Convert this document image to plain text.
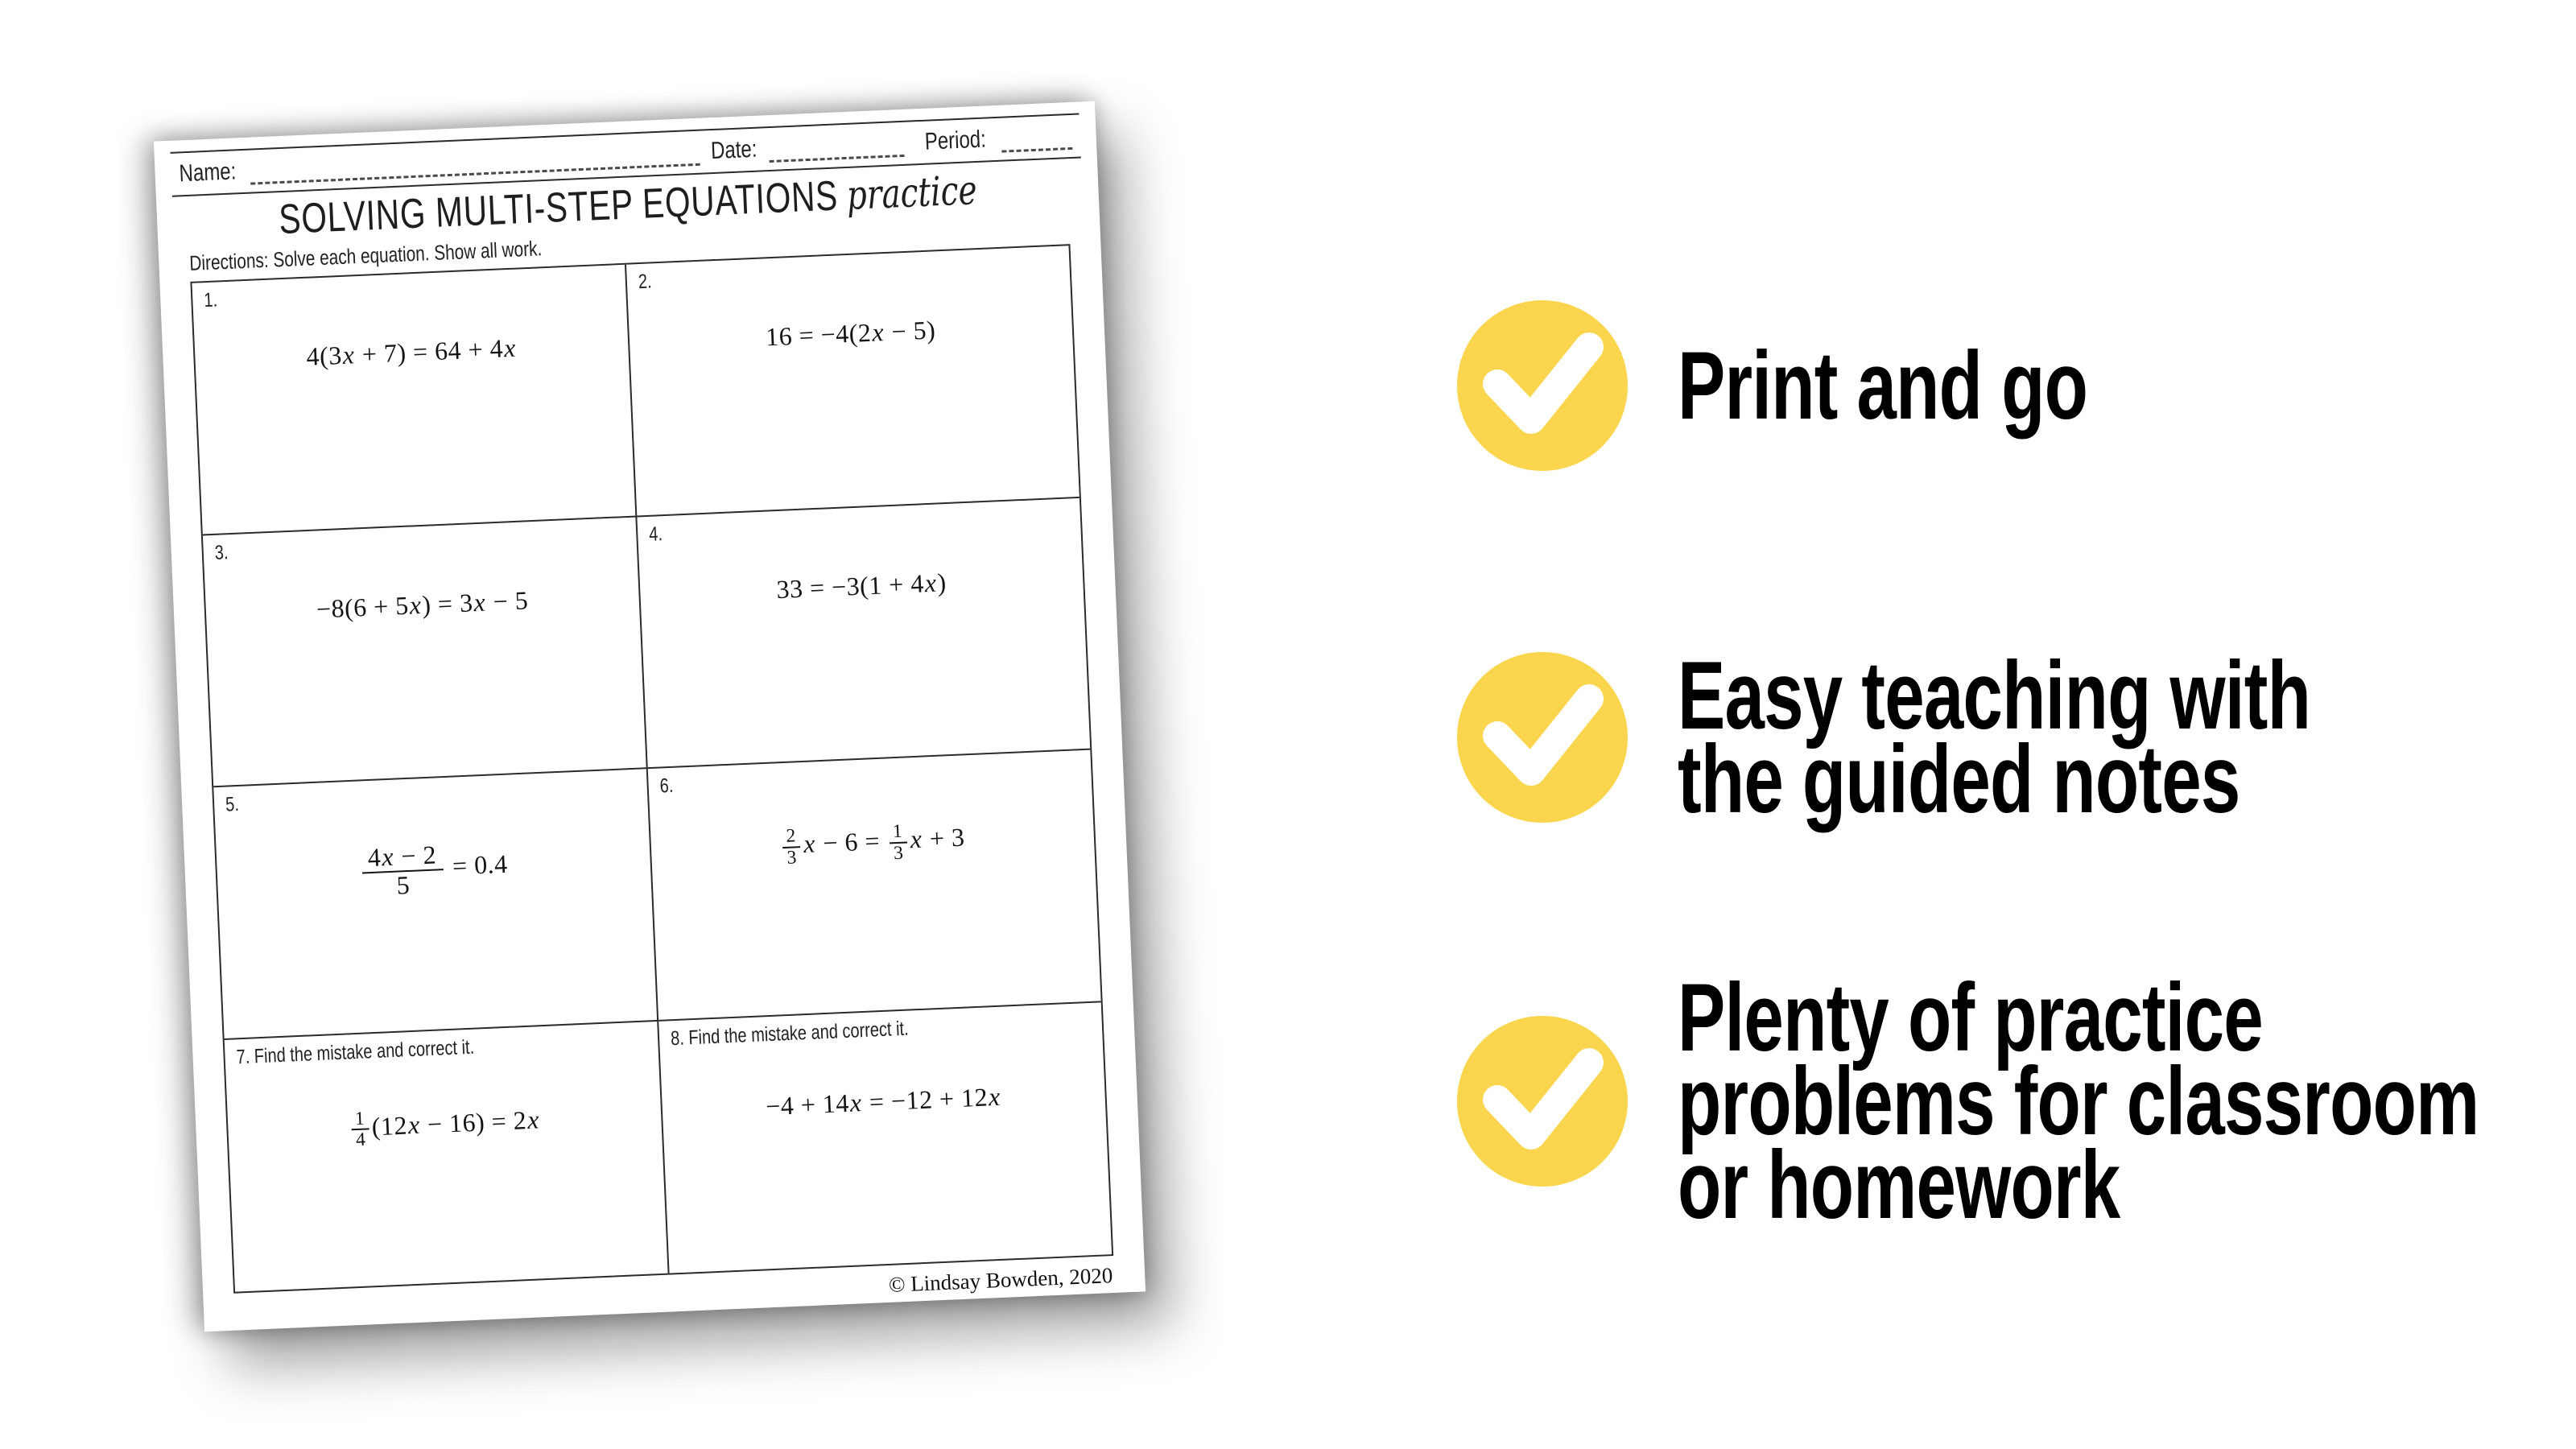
Name:
Date:	Period:
SOLVING MULTI-STEP EQUATIONS practice
Directions: Solve each equation. Show all work.
1.
4(3x + 7) = 64 + 4x
2.
16 = −4(2x − 5)
3.
−8(6 + 5x) = 3x − 5
4.
33 = −3(1 + 4x)
5.
$\frac{4x - 2}{5} = 0.4$
6.
$\frac{2}{3}$ $x - 6 = \frac{1}{3}$ x + 3
7. Find the mistake and correct it.
$\frac{1}{4} (12x - 16) = 2x$
8. Find the mistake and correct it.
−4 + 14x = −12 + 12x
© Lindsay Bowden, 2020
Print and go
Easy teaching with
the guided notes
Plenty of practice
problems for classroom
or homework
